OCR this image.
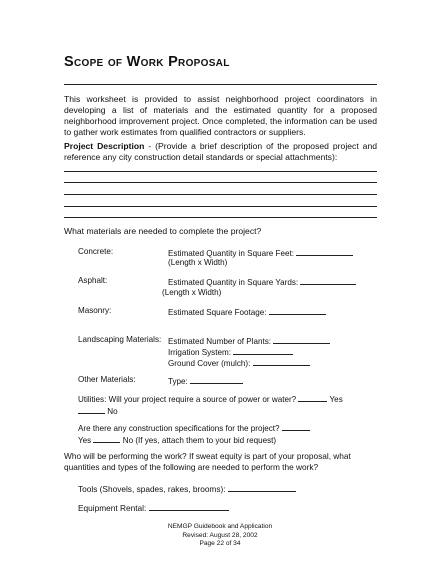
Scope of Work Proposal
This worksheet is provided to assist neighborhood project coordinators in developing a list of materials and the estimated quantity for a proposed neighborhood improvement project. Once completed, the information can be used to gather work estimates from qualified contractors or suppliers.
Project Description - (Provide a brief description of the proposed project and reference any city construction detail standards or special attachments):
What materials are needed to complete the project?
Concrete:	Estimated Quantity in Square Feet:
(Length x Width)
Asphalt:	Estimated Quantity in Square Yards:
(Length x Width)
Masonry:	Estimated Square Footage:
Landscaping Materials: Estimated Number of Plants:
Irrigation System:
Ground Cover (mulch):
Other Materials:	Type:
Utilities: Will your project require a source of power or water?	Yes
No
Are there any construction specifications for the project?
Yes	No (If yes, attach them to your bid request)
Who will be performing the work? If sweat equity is part of your proposal, what quantities and types of the following are needed to perform the work?
Tools (Shovels, spades, rakes, brooms):
Equipment Rental:
NEMGP Guidebook and Application
Revised: August 28, 2002
Page 22 of 34
